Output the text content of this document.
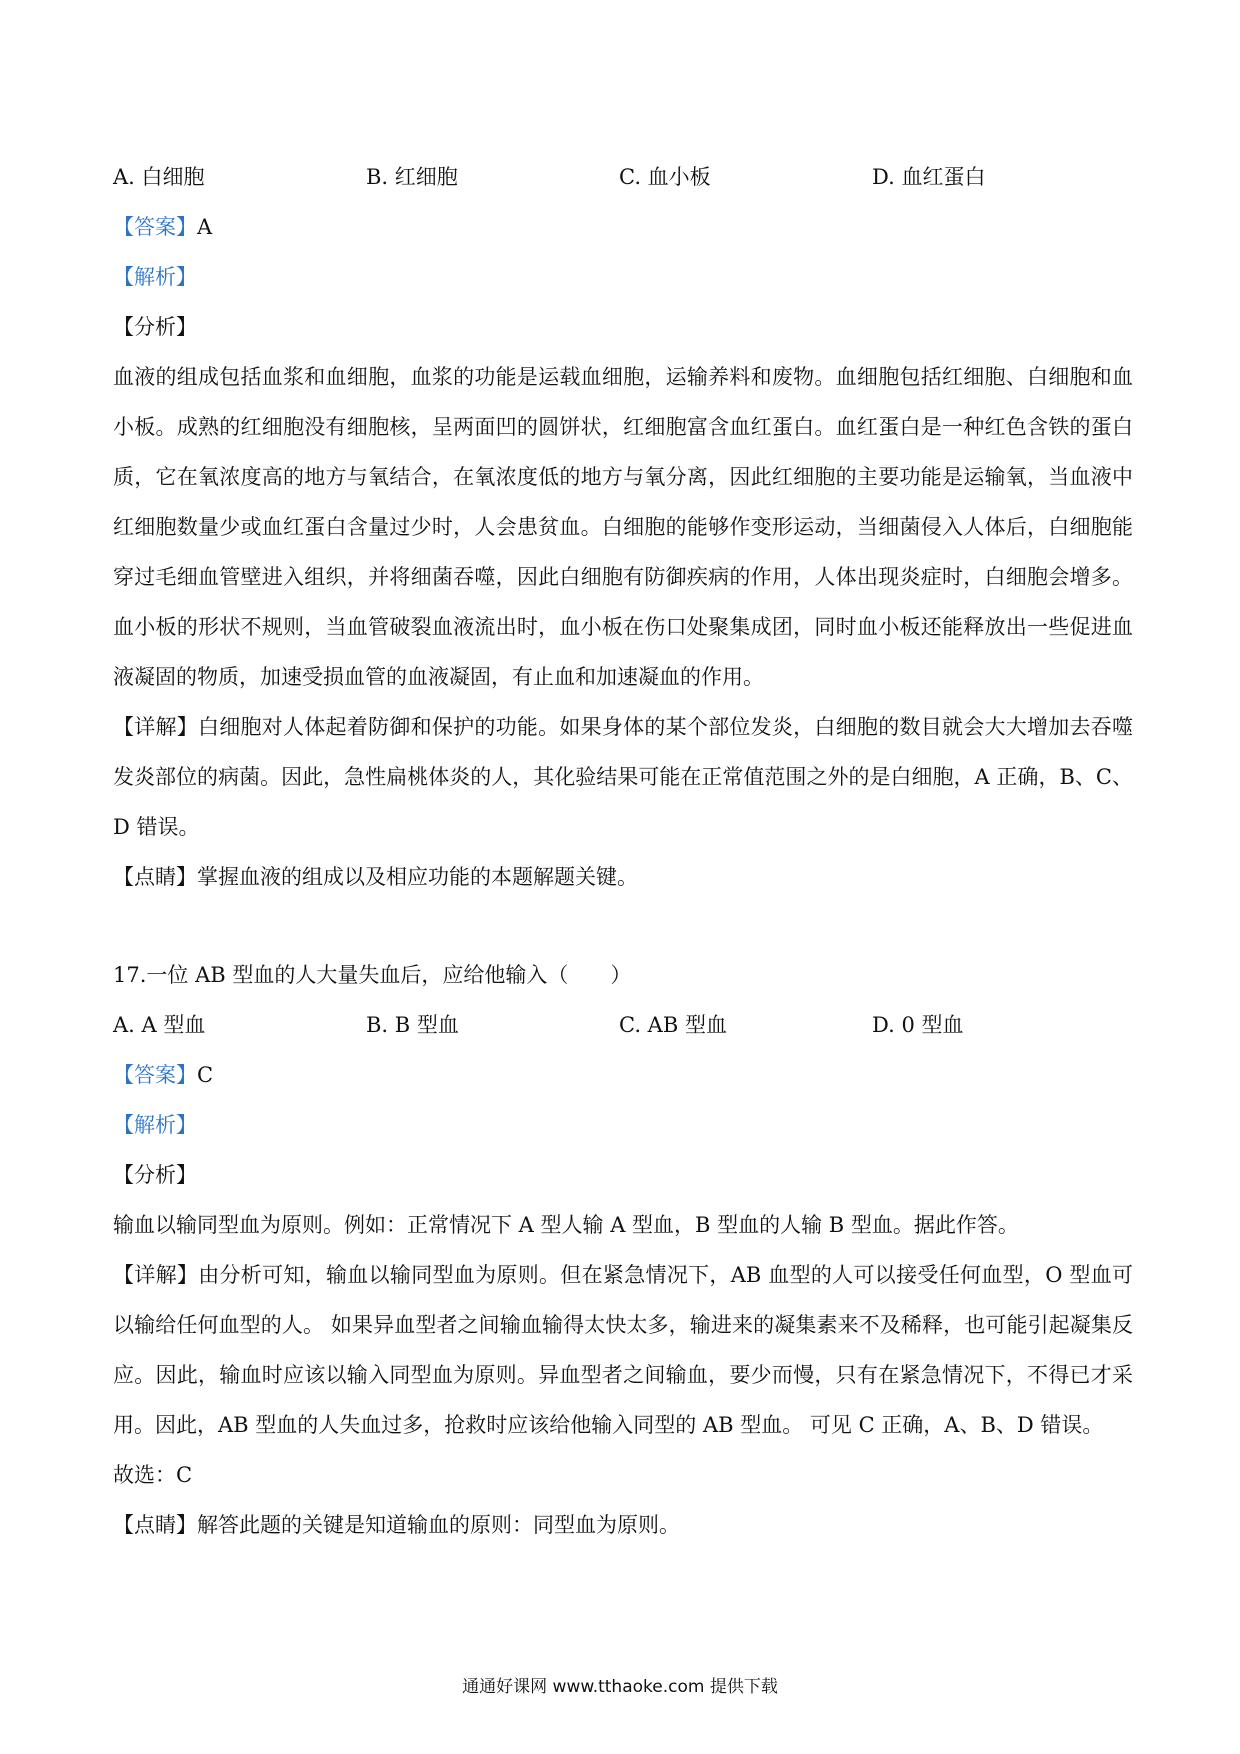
A. 白细胞	B. 红细胞	C. 血小板	D. 血红蛋白
【答案】A
【解析】
【分析】

血液的组成包括血浆和血细胞，血浆的功能是运载血细胞，运输养料和废物。血细胞包括红细胞、白细胞和血小板。成熟的红细胞没有细胞核，呈两面凹的圆饼状，红细胞富含血红蛋白。血红蛋白是一种红色含铁的蛋白质，它在氧浓度高的地方与氧结合，在氧浓度低的地方与氧分离，因此红细胞的主要功能是运输氧，当血液中红细胞数量少或血红蛋白含量过少时，人会患贫血。白细胞的能够作变形运动，当细菌侵入人体后，白细胞能穿过毛细血管壁进入组织，并将细菌吞噬，因此白细胞有防御疾病的作用，人体出现炎症时，白细胞会增多。血小板的形状不规则，当血管破裂血液流出时，血小板在伤口处聚集成团，同时血小板还能释放出一些促进血液凝固的物质，加速受损血管的血液凝固，有止血和加速凝血的作用。

【详解】白细胞对人体起着防御和保护的功能。如果身体的某个部位发炎，白细胞的数目就会大大增加去吞噬发炎部位的病菌。因此，急性扁桃体炎的人，其化验结果可能在正常值范围之外的是白细胞，A 正确，B、C、D 错误。

【点睛】掌握血液的组成以及相应功能的本题解题关键。
17.一位 AB 型血的人大量失血后，应给他输入（　　）
A. A 型血	B. B 型血	C. AB 型血	D. 0 型血
【答案】C
【解析】
【分析】

输血以输同型血为原则。例如：正常情况下 A 型人输 A 型血，B 型血的人输 B 型血。据此作答。

【详解】由分析可知，输血以输同型血为原则。但在紧急情况下，AB 血型的人可以接受任何血型，O 型血可以输给任何血型的人。 如果异血型者之间输血输得太快太多，输进来的凝集素来不及稀释，也可能引起凝集反应。因此，输血时应该以输入同型血为原则。异血型者之间输血，要少而慢，只有在紧急情况下，不得已才采用。因此，AB 型血的人失血过多，抢救时应该给他输入同型的 AB 型血。 可见 C 正确，A、B、D 错误。

故选：C
【点睛】解答此题的关键是知道输血的原则：同型血为原则。
通通好课网 www.tthaoke.com 提供下载
